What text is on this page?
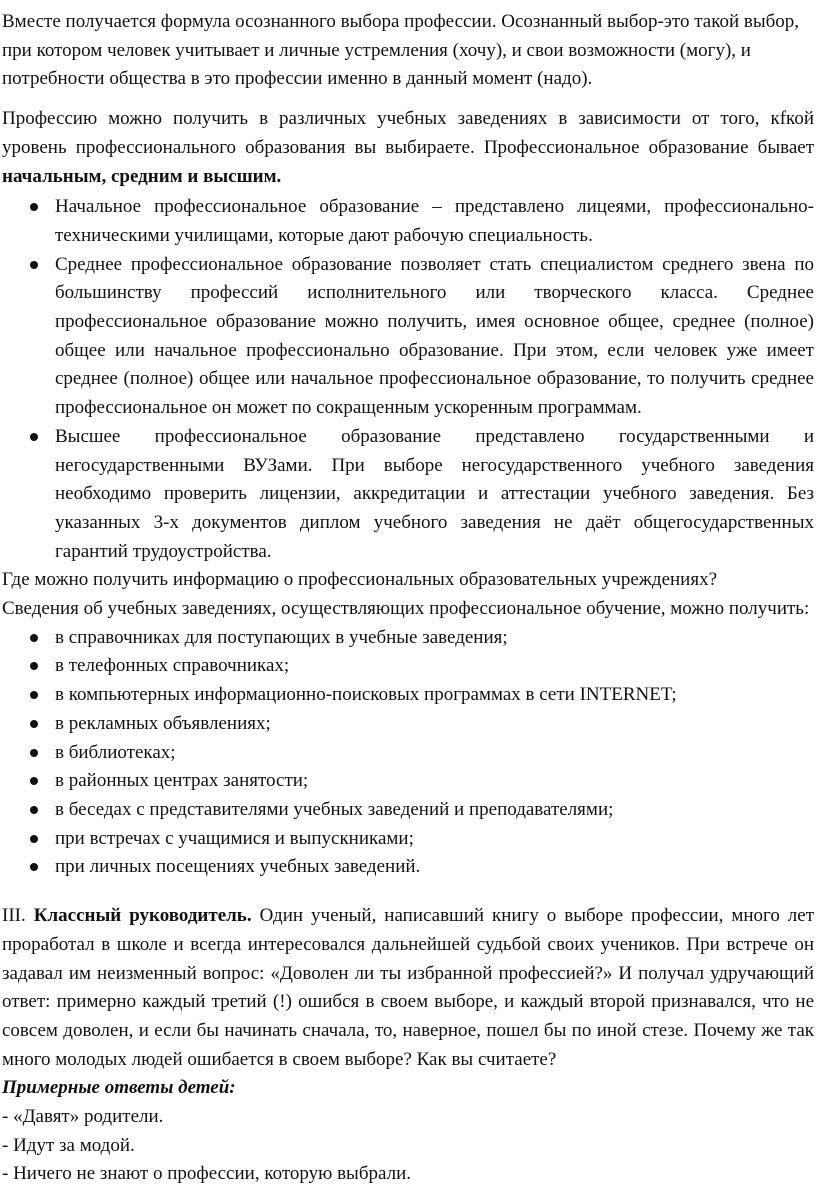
Вместе получается формула осознанного выбора профессии. Осознанный выбор-это такой выбор, при котором человек учитывает и личные устремления (хочу), и свои возможности (могу), и потребности общества в это профессии именно в данный момент (надо).

Профессию можно получить в различных учебных заведениях в зависимости от того, кfкой уровень профессионального образования вы выбираете. Профессиональное образование бывает начальным, средним и высшим.

Начальное профессиональное образование – представлено лицеями, профессионально-техническими училищами, которые дают рабочую специальность.
Среднее профессиональное образование позволяет стать специалистом среднего звена по большинству профессий исполнительного или творческого класса. Среднее профессиональное образование можно получить, имея основное общее, среднее (полное) общее или начальное профессионально образование. При этом, если человек уже имеет среднее (полное) общее или начальное профессиональное образование, то получить среднее профессиональное он может по сокращенным ускоренным программам.
Высшее профессиональное образование представлено государственными и негосударственными ВУЗами. При выборе негосударственного учебного заведения необходимо проверить лицензии, аккредитации и аттестации учебного заведения. Без указанных 3-х документов диплом учебного заведения не даёт общегосударственных гарантий трудоустройства.

Где можно получить информацию о профессиональных образовательных учреждениях?

Сведения об учебных заведениях, осуществляющих профессиональное обучение, можно получить:

в справочниках для поступающих в учебные заведения;
в телефонных справочниках;
в компьютерных информационно-поисковых программах в сети INTERNET;
в рекламных объявлениях;
в библиотеках;
в районных центрах занятости;
в беседах с представителями учебных заведений и преподавателями;
при встречах с учащимися и выпускниками;
при личных посещениях учебных заведений.

III. Классный руководитель. Один ученый, написавший книгу о выборе профессии, много лет проработал в школе и всегда интересовался дальнейшей судьбой своих учеников. При встрече он задавал им неизменный вопрос: «Доволен ли ты избранной профессией?» И получал удручающий ответ: примерно каждый третий (!) ошибся в своем выборе, и каждый второй признавался, что не совсем доволен, и если бы начинать сначала, то, наверное, пошел бы по иной стезе. Почему же так много молодых людей ошибается в своем выборе? Как вы считаете?

Примерные ответы детей:

- «Давят» родители.

- Идут за модой.

- Ничего не знают о профессии, которую выбрали.
